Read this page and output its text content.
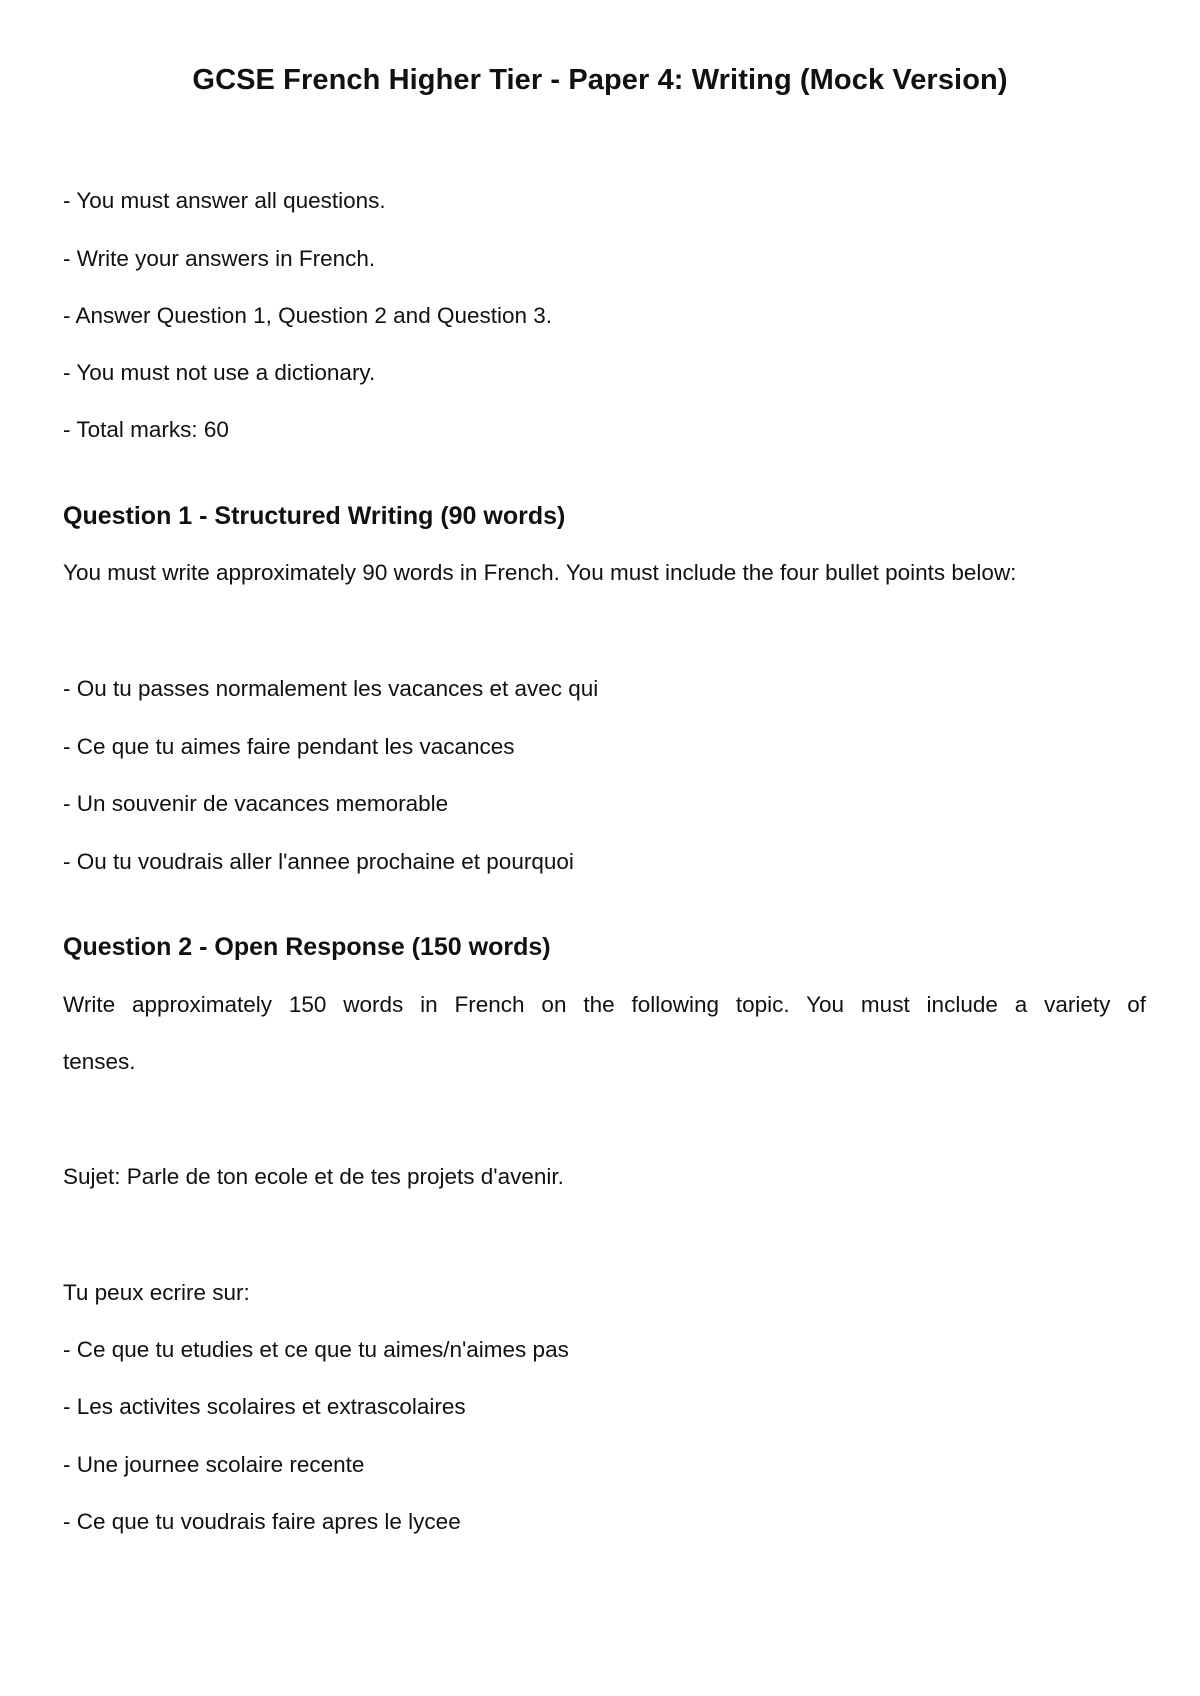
GCSE French Higher Tier - Paper 4: Writing (Mock Version)
- You must answer all questions.
- Write your answers in French.
- Answer Question 1, Question 2 and Question 3.
- You must not use a dictionary.
- Total marks: 60
Question 1 - Structured Writing (90 words)
You must write approximately 90 words in French. You must include the four bullet points below:
- Ou tu passes normalement les vacances et avec qui
- Ce que tu aimes faire pendant les vacances
- Un souvenir de vacances memorable
- Ou tu voudrais aller l'annee prochaine et pourquoi
Question 2 - Open Response (150 words)
Write approximately 150 words in French on the following topic. You must include a variety of
tenses.
Sujet: Parle de ton ecole et de tes projets d'avenir.
Tu peux ecrire sur:
- Ce que tu etudies et ce que tu aimes/n'aimes pas
- Les activites scolaires et extrascolaires
- Une journee scolaire recente
- Ce que tu voudrais faire apres le lycee
